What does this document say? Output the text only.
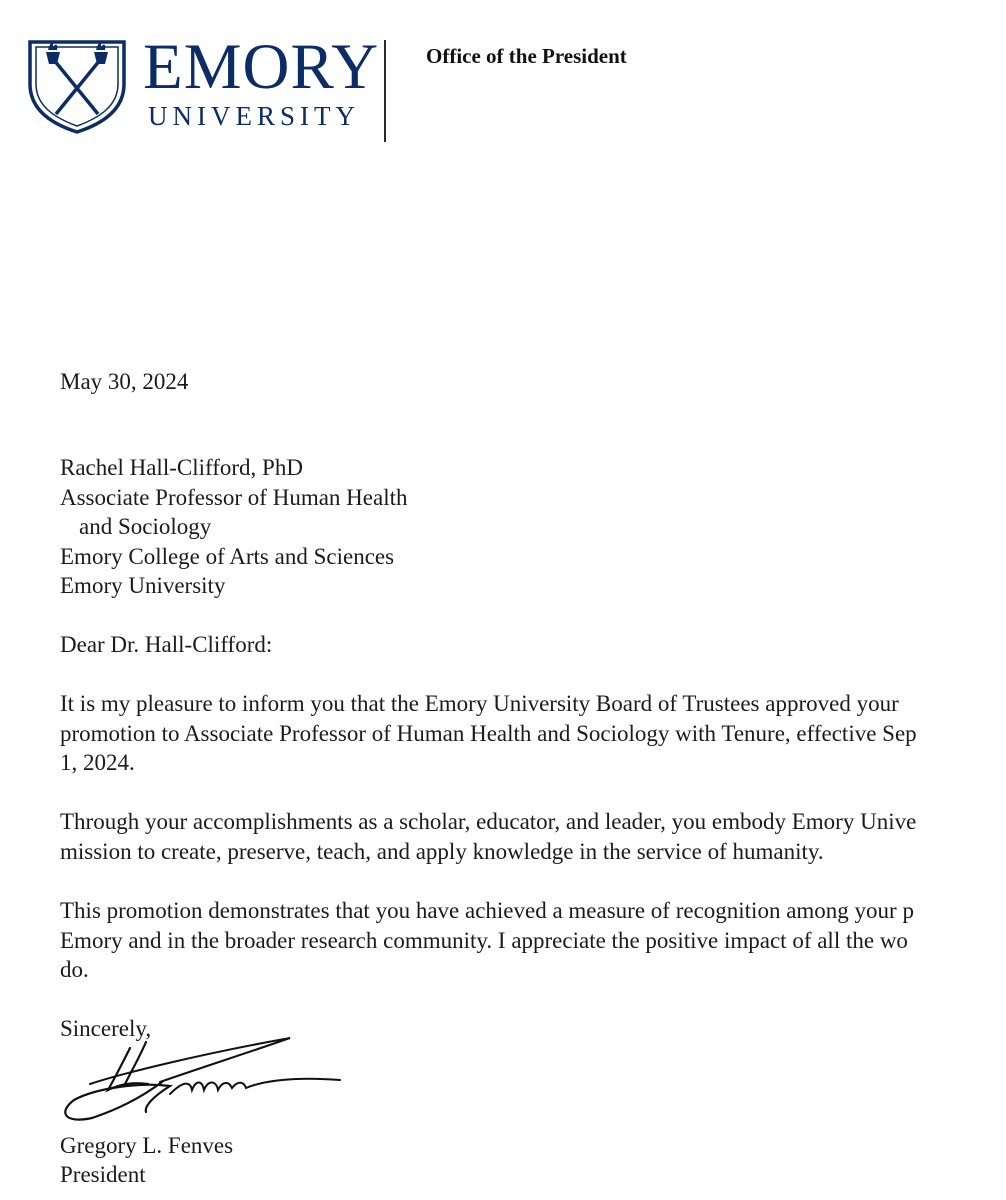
EMORY
UNIVERSITY
Office of the President
May 30, 2024
Rachel Hall-Clifford, PhD
Associate Professor of Human Health
and Sociology
Emory College of Arts and Sciences
Emory University
Dear Dr. Hall-Clifford:
It is my pleasure to inform you that the Emory University Board of Trustees approved your
promotion to Associate Professor of Human Health and Sociology with Tenure, effective Sep
1, 2024.
Through your accomplishments as a scholar, educator, and leader, you embody Emory Unive
mission to create, preserve, teach, and apply knowledge in the service of humanity.
This promotion demonstrates that you have achieved a measure of recognition among your p
Emory and in the broader research community. I appreciate the positive impact of all the wo
do.
Sincerely,
Gregory L. Fenves
President
